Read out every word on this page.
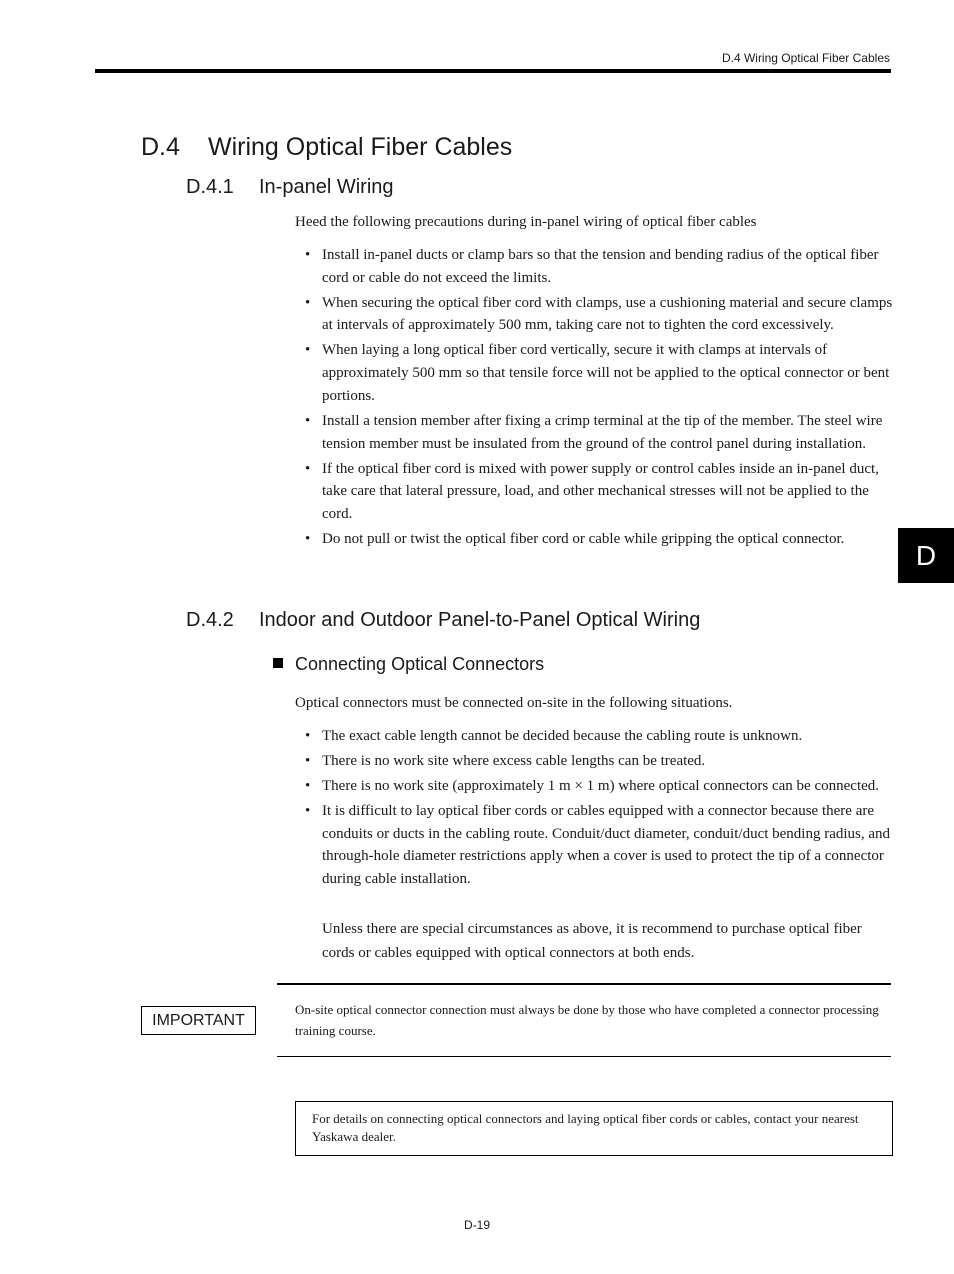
D.4 Wiring Optical Fiber Cables
D
D.4 Wiring Optical Fiber Cables
D.4.1 In-panel Wiring
Heed the following precautions during in-panel wiring of optical fiber cables
• Install in-panel ducts or clamp bars so that the tension and bending radius of the optical fiber cord or cable do not exceed the limits.
• When securing the optical fiber cord with clamps, use a cushioning material and secure clamps at intervals of approximately 500 mm, taking care not to tighten the cord excessively.
• When laying a long optical fiber cord vertically, secure it with clamps at intervals of approximately 500 mm so that tensile force will not be applied to the optical connector or bent portions.
• Install a tension member after fixing a crimp terminal at the tip of the member. The steel wire tension member must be insulated from the ground of the control panel during installation.
• If the optical fiber cord is mixed with power supply or control cables inside an in-panel duct, take care that lateral pressure, load, and other mechanical stresses will not be applied to the cord.
• Do not pull or twist the optical fiber cord or cable while gripping the optical connector.
D.4.2 Indoor and Outdoor Panel-to-Panel Optical Wiring
Connecting Optical Connectors
Optical connectors must be connected on-site in the following situations.
• The exact cable length cannot be decided because the cabling route is unknown.
• There is no work site where excess cable lengths can be treated.
• There is no work site (approximately 1 m × 1 m) where optical connectors can be connected.
• It is difficult to lay optical fiber cords or cables equipped with a connector because there are conduits or ducts in the cabling route. Conduit/duct diameter, conduit/duct bending radius, and through-hole diameter restrictions apply when a cover is used to protect the tip of a connector during cable installation.
Unless there are special circumstances as above, it is recommend to purchase optical fiber cords or cables equipped with optical connectors at both ends.
IMPORTANT
On-site optical connector connection must always be done by those who have completed a connector processing training course.
For details on connecting optical connectors and laying optical fiber cords or cables, contact your nearest Yaskawa dealer.
D-19
